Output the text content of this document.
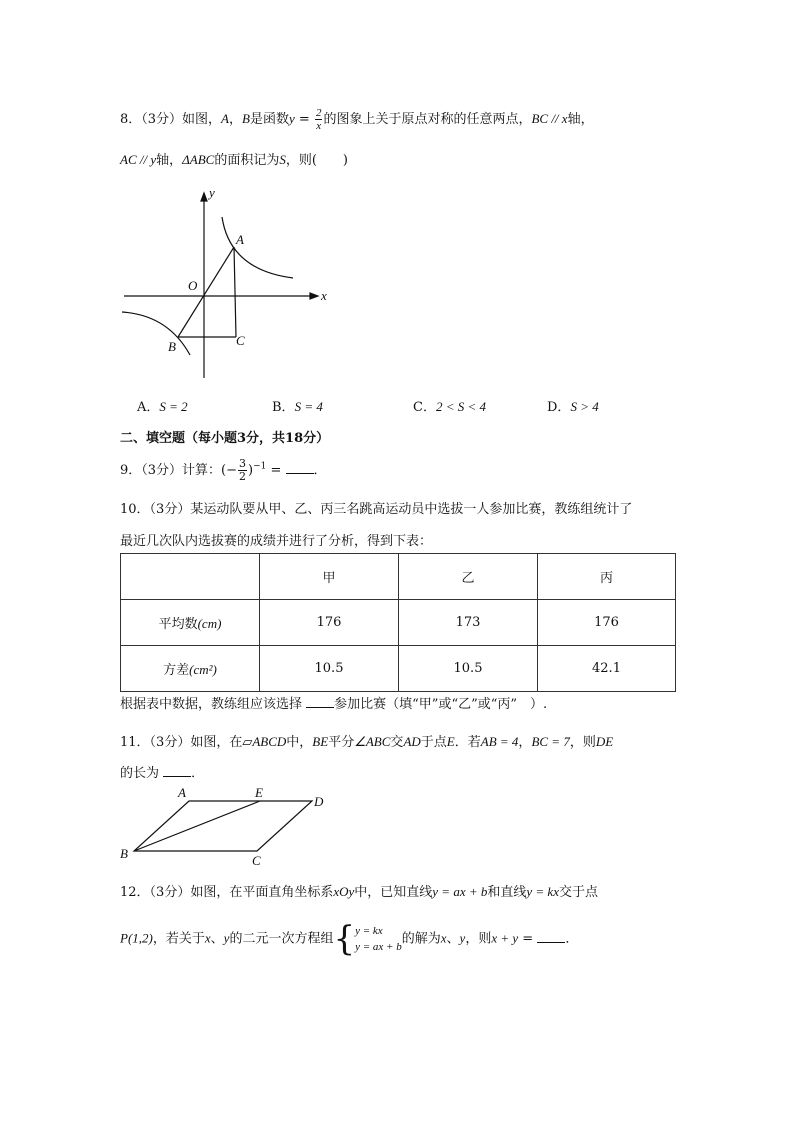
8．（3分）如图，A，B是函数$y = \frac{2}{x}$ 的图象上关于原点对称的任意两点，BC // x轴，
AC // y轴，ΔABC的面积记为S，则(　　)
A
O
B	C
x
y
A．S = 2	B．S = 4	C．2 < S < 4	D．S > 4
二、填空题（每小题3分，共18分）
9．（3分）计算：(− $\frac{3}{2} )^{-1}$ = ．
10．（3分）某运动队要从甲、乙、丙三名跳高运动员中选拔一人参加比赛，教练组统计了
最近几次队内选拔赛的成绩并进行了分析，得到下表：
	甲	乙	丙
平均数(cm)	176	173	176
方差(cm²)	10.5	10.5	42.1
根据表中数据，教练组应该选择 参加比赛（填“甲”或“乙”或“丙”　）.
11．（3分）如图，在▱ABCD中，BE平分∠ABC交AD于点E．若AB = 4，BC = 7，则DE
的长为 ．
A	E
D
B	C
12．（3分）如图，在平面直角坐标系xOy中，已知直线y = ax + b和直线y = kx交于点
P(1,2)，若关于x、y的二元一次方程组{ y = kx
y = ax + b
的解为x、y，则x + y = ．
